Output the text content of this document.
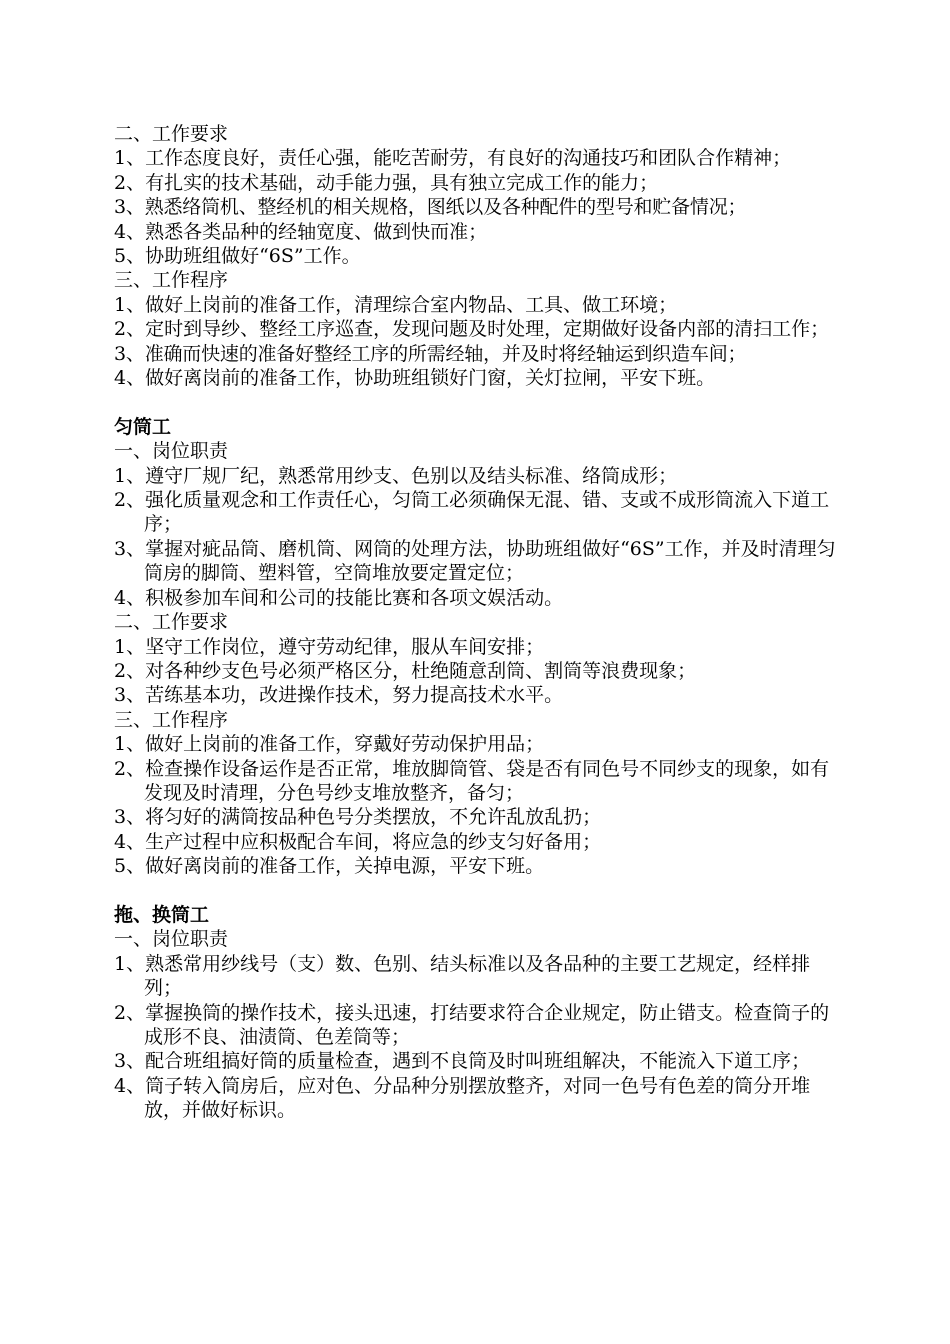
二、工作要求
1、工作态度良好，责任心强，能吃苦耐劳，有良好的沟通技巧和团队合作精神；
2、有扎实的技术基础，动手能力强，具有独立完成工作的能力；
3、熟悉络筒机、整经机的相关规格，图纸以及各种配件的型号和贮备情况；
4、熟悉各类品种的经轴宽度、做到快而准；
5、协助班组做好“6S”工作。
三、工作程序
1、做好上岗前的准备工作，清理综合室内物品、工具、做工环境；
2、定时到导纱、整经工序巡查，发现问题及时处理，定期做好设备内部的清扫工作；
3、准确而快速的准备好整经工序的所需经轴，并及时将经轴运到织造车间；
4、做好离岗前的准备工作，协助班组锁好门窗，关灯拉闸，平安下班。
匀筒工
一、岗位职责
1、遵守厂规厂纪，熟悉常用纱支、色别以及结头标准、络筒成形；
2、强化质量观念和工作责任心，匀筒工必须确保无混、错、支或不成形筒流入下道工序；
3、掌握对疵品筒、磨机筒、网筒的处理方法，协助班组做好“6S”工作，并及时清理匀筒房的脚筒、塑料管，空筒堆放要定置定位；
4、积极参加车间和公司的技能比赛和各项文娱活动。
二、工作要求
1、坚守工作岗位，遵守劳动纪律，服从车间安排；
2、对各种纱支色号必须严格区分，杜绝随意刮筒、割筒等浪费现象；
3、苦练基本功，改进操作技术，努力提高技术水平。
三、工作程序
1、做好上岗前的准备工作，穿戴好劳动保护用品；
2、检查操作设备运作是否正常，堆放脚筒管、袋是否有同色号不同纱支的现象，如有发现及时清理，分色号纱支堆放整齐，备匀；
3、将匀好的满筒按品种色号分类摆放，不允许乱放乱扔；
4、生产过程中应积极配合车间，将应急的纱支匀好备用；
5、做好离岗前的准备工作，关掉电源，平安下班。
拖、换筒工
一、岗位职责
1、熟悉常用纱线号（支）数、色别、结头标准以及各品种的主要工艺规定，经样排列；
2、掌握换筒的操作技术，接头迅速，打结要求符合企业规定，防止错支。检查筒子的成形不良、油渍筒、色差筒等；
3、配合班组搞好筒的质量检查，遇到不良筒及时叫班组解决，不能流入下道工序；
4、筒子转入筒房后，应对色、分品种分别摆放整齐，对同一色号有色差的筒分开堆放，并做好标识。
